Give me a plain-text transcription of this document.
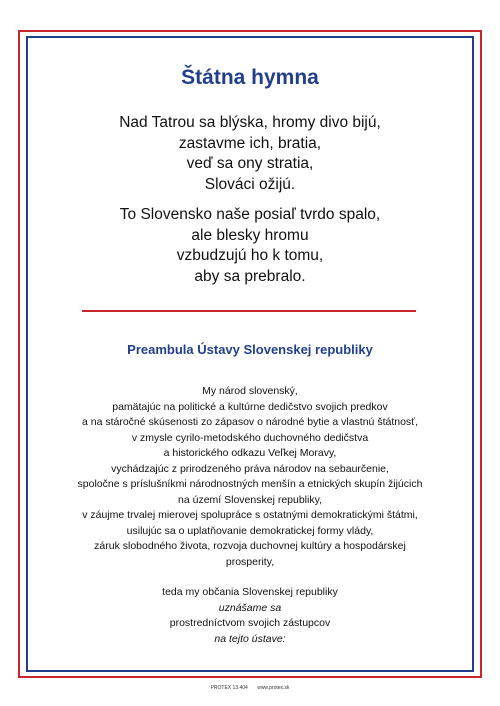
Štátna hymna
Nad Tatrou sa blýska, hromy divo bijú,
zastavme ich, bratia,
veď sa ony stratia,
Slováci ožijú.
To Slovensko naše posiaľ tvrdo spalo,
ale blesky hromu
vzbudzujú ho k tomu,
aby sa prebralo.
Preambula Ústavy Slovenskej republiky
My národ slovenský,
pamätajúc na politické a kultúrne dedičstvo svojich predkov
a na stáročné skúsenosti zo zápasov o národné bytie a vlastnú štátnosť,
v zmysle cyrilo-metodského duchovného dedičstva
a historického odkazu Veľkej Moravy,
vychádzajúc z prirodzeného práva národov na sebaurčenie,
spoločne s príslušníkmi národnostných menšín a etnických skupín žijúcich
na území Slovenskej republiky,
v záujme trvalej mierovej spolupráce s ostatnými demokratickými štátmi,
usilujúc sa o uplatňovanie demokratickej formy vlády,
záruk slobodného života, rozvoja duchovnej kultúry a hospodárskej
prosperity,
teda my občania Slovenskej republiky
uznášame sa
prostredníctvom svojich zástupcov
na tejto ústave:
PROTEX 13.404 www.protex.sk
